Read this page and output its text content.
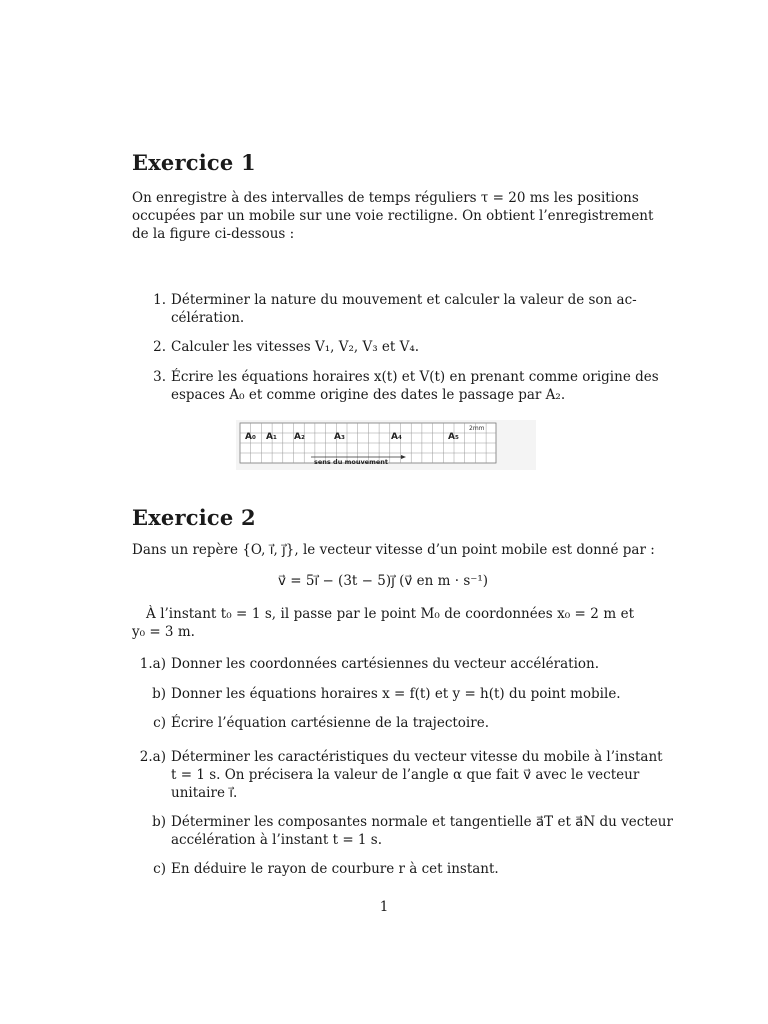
Exercice 1

On enregistre à des intervalles de temps réguliers τ = 20 ms les positions
occupées par un mobile sur une voie rectiligne. On obtient l’enregistrement
de la figure ci-dessous :

1. Déterminer la nature du mouvement et calculer la valeur de son ac-
célération.
2. Calculer les vitesses V₁, V₂, V₃ et V₄.
3. Écrire les équations horaires x(t) et V(t) en prenant comme origine des
espaces A₀ et comme origine des dates le passage par A₂.
A₀ A₁ A₂	A₃	A₄	A₅
2mm
sens du mouvement
Exercice 2

Dans un repère {O, i⃗, j⃗}, le vecteur vitesse d’un point mobile est donné par :

v⃗ = 5i⃗ − (3t − 5)j⃗ (v⃗ en m · s⁻¹)

À l’instant t₀ = 1 s, il passe par le point M₀ de coordonnées x₀ = 2 m et
y₀ = 3 m.

1.a) Donner les coordonnées cartésiennes du vecteur accélération.
b) Donner les équations horaires x = f(t) et y = h(t) du point mobile.
c) Écrire l’équation cartésienne de la trajectoire.
2.a) Déterminer les caractéristiques du vecteur vitesse du mobile à l’instant
t = 1 s. On précisera la valeur de l’angle α que fait v⃗ avec le vecteur
unitaire i⃗.
b) Déterminer les composantes normale et tangentielle a⃗T et a⃗N du vecteur
accélération à l’instant t = 1 s.
c) En déduire le rayon de courbure r à cet instant.
1
